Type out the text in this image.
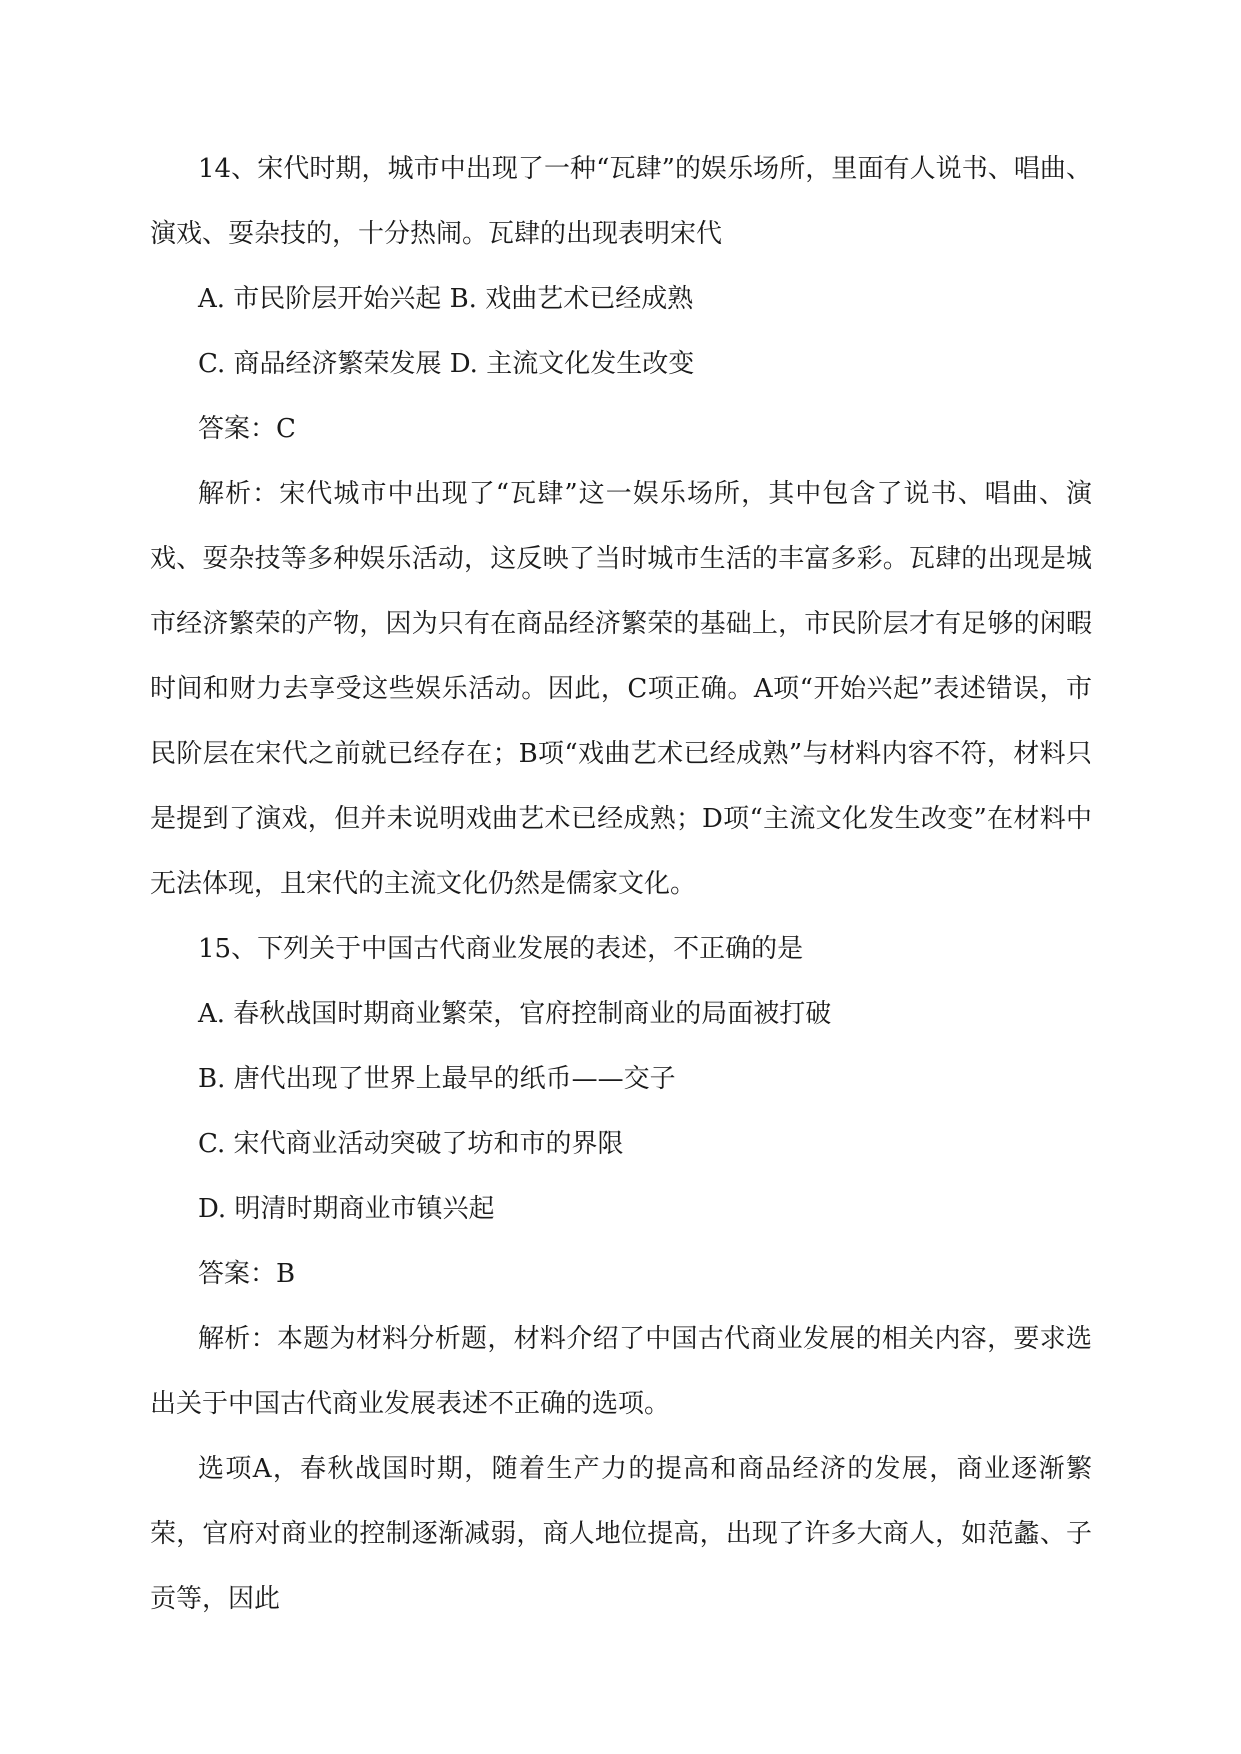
14、宋代时期，城市中出现了一种“瓦肆”的娱乐场所，里面有人说书、唱曲、演戏、耍杂技的，十分热闹。瓦肆的出现表明宋代

A. 市民阶层开始兴起 B. 戏曲艺术已经成熟

C. 商品经济繁荣发展 D. 主流文化发生改变

答案：C

解析：宋代城市中出现了“瓦肆”这一娱乐场所，其中包含了说书、唱曲、演戏、耍杂技等多种娱乐活动，这反映了当时城市生活的丰富多彩。瓦肆的出现是城市经济繁荣的产物，因为只有在商品经济繁荣的基础上，市民阶层才有足够的闲暇时间和财力去享受这些娱乐活动。因此，C项正确。A项“开始兴起”表述错误，市民阶层在宋代之前就已经存在；B项“戏曲艺术已经成熟”与材料内容不符，材料只是提到了演戏，但并未说明戏曲艺术已经成熟；D项“主流文化发生改变”在材料中无法体现，且宋代的主流文化仍然是儒家文化。

15、下列关于中国古代商业发展的表述，不正确的是

A. 春秋战国时期商业繁荣，官府控制商业的局面被打破

B. 唐代出现了世界上最早的纸币——交子

C. 宋代商业活动突破了坊和市的界限

D. 明清时期商业市镇兴起

答案：B

解析：本题为材料分析题，材料介绍了中国古代商业发展的相关内容，要求选出关于中国古代商业发展表述不正确的选项。

选项A，春秋战国时期，随着生产力的提高和商品经济的发展，商业逐渐繁荣，官府对商业的控制逐渐减弱，商人地位提高，出现了许多大商人，如范蠡、子贡等，因此
